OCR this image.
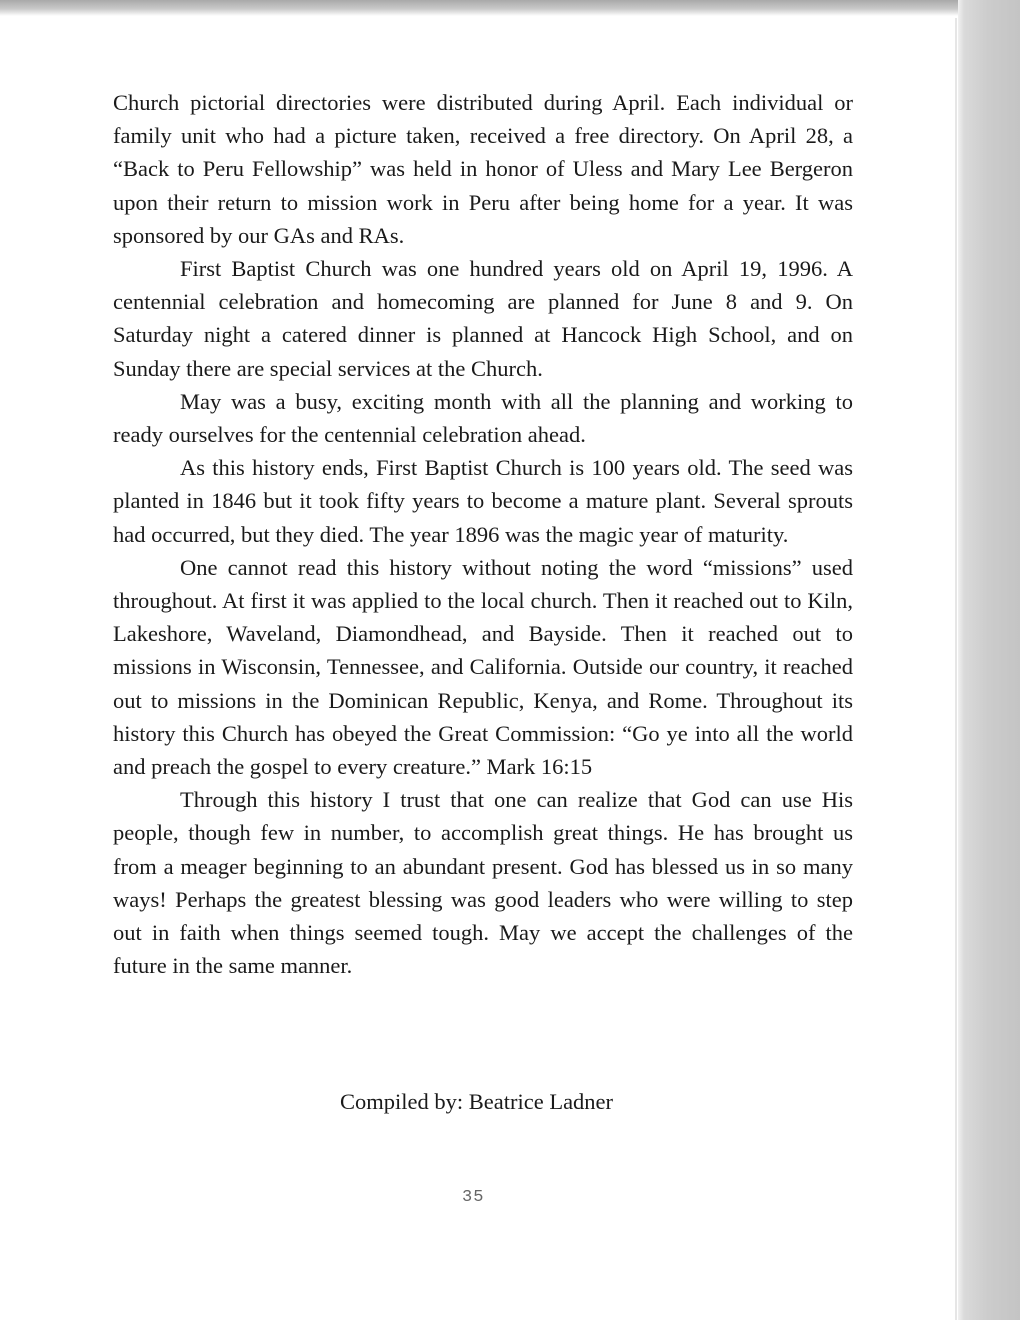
Church pictorial directories were distributed during April. Each individual or family unit who had a picture taken, received a free directory. On April 28, a “Back to Peru Fellowship” was held in honor of Uless and Mary Lee Bergeron upon their return to mission work in Peru after being home for a year. It was sponsored by our GAs and RAs.

First Baptist Church was one hundred years old on April 19, 1996. A centennial celebration and homecoming are planned for June 8 and 9. On Saturday night a catered dinner is planned at Hancock High School, and on Sunday there are special services at the Church.

May was a busy, exciting month with all the planning and working to ready ourselves for the centennial celebration ahead.

As this history ends, First Baptist Church is 100 years old. The seed was planted in 1846 but it took fifty years to become a mature plant. Several sprouts had occurred, but they died. The year 1896 was the magic year of maturity.

One cannot read this history without noting the word “missions” used throughout. At first it was applied to the local church. Then it reached out to Kiln, Lakeshore, Waveland, Diamondhead, and Bayside. Then it reached out to missions in Wisconsin, Tennessee, and California. Outside our country, it reached out to missions in the Dominican Republic, Kenya, and Rome. Throughout its history this Church has obeyed the Great Commission: “Go ye into all the world and preach the gospel to every creature.” Mark 16:15

Through this history I trust that one can realize that God can use His people, though few in number, to accomplish great things. He has brought us from a meager beginning to an abundant present. God has blessed us in so many ways! Perhaps the greatest blessing was good leaders who were willing to step out in faith when things seemed tough. May we accept the challenges of the future in the same manner.

Compiled by: Beatrice Ladner
35
